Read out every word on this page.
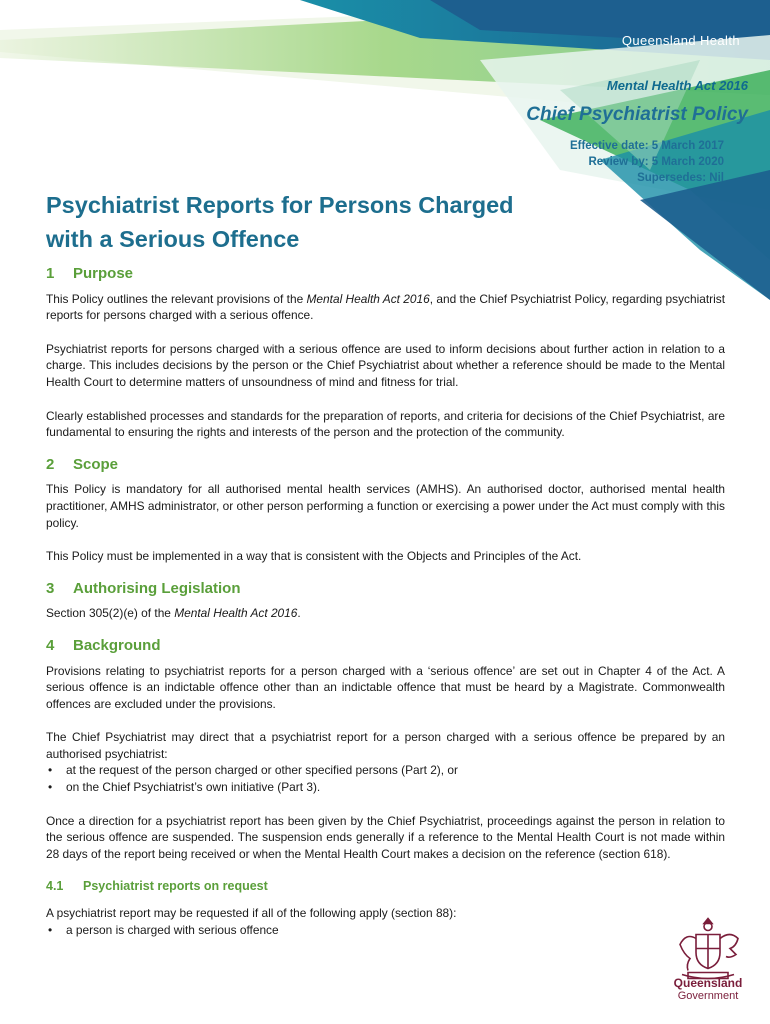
Queensland Health
Mental Health Act 2016
Chief Psychiatrist Policy
Effective date: 5 March 2017
Review by: 5 March 2020
Supersedes: Nil
Psychiatrist Reports for Persons Charged
with a Serious Offence
1 Purpose

This Policy outlines the relevant provisions of the Mental Health Act 2016, and the Chief Psychiatrist Policy, regarding psychiatrist reports for persons charged with a serious offence.

Psychiatrist reports for persons charged with a serious offence are used to inform decisions about further action in relation to a charge. This includes decisions by the person or the Chief Psychiatrist about whether a reference should be made to the Mental Health Court to determine matters of unsoundness of mind and fitness for trial.

Clearly established processes and standards for the preparation of reports, and criteria for decisions of the Chief Psychiatrist, are fundamental to ensuring the rights and interests of the person and the protection of the community.

2 Scope

This Policy is mandatory for all authorised mental health services (AMHS). An authorised doctor, authorised mental health practitioner, AMHS administrator, or other person performing a function or exercising a power under the Act must comply with this policy.

This Policy must be implemented in a way that is consistent with the Objects and Principles of the Act.

3 Authorising Legislation

Section 305(2)(e) of the Mental Health Act 2016.

4 Background

Provisions relating to psychiatrist reports for a person charged with a ‘serious offence’ are set out in Chapter 4 of the Act. A serious offence is an indictable offence other than an indictable offence that must be heard by a Magistrate. Commonwealth offences are excluded under the provisions.

The Chief Psychiatrist may direct that a psychiatrist report for a person charged with a serious offence be prepared by an authorised psychiatrist:

• at the request of the person charged or other specified persons (Part 2), or
• on the Chief Psychiatrist’s own initiative (Part 3).

Once a direction for a psychiatrist report has been given by the Chief Psychiatrist, proceedings against the person in relation to the serious offence are suspended. The suspension ends generally if a reference to the Mental Health Court is not made within 28 days of the report being received or when the Mental Health Court makes a decision on the reference (section 618).

4.1 Psychiatrist reports on request

A psychiatrist report may be requested if all of the following apply (section 88):

• a person is charged with serious offence
Queensland
Government
